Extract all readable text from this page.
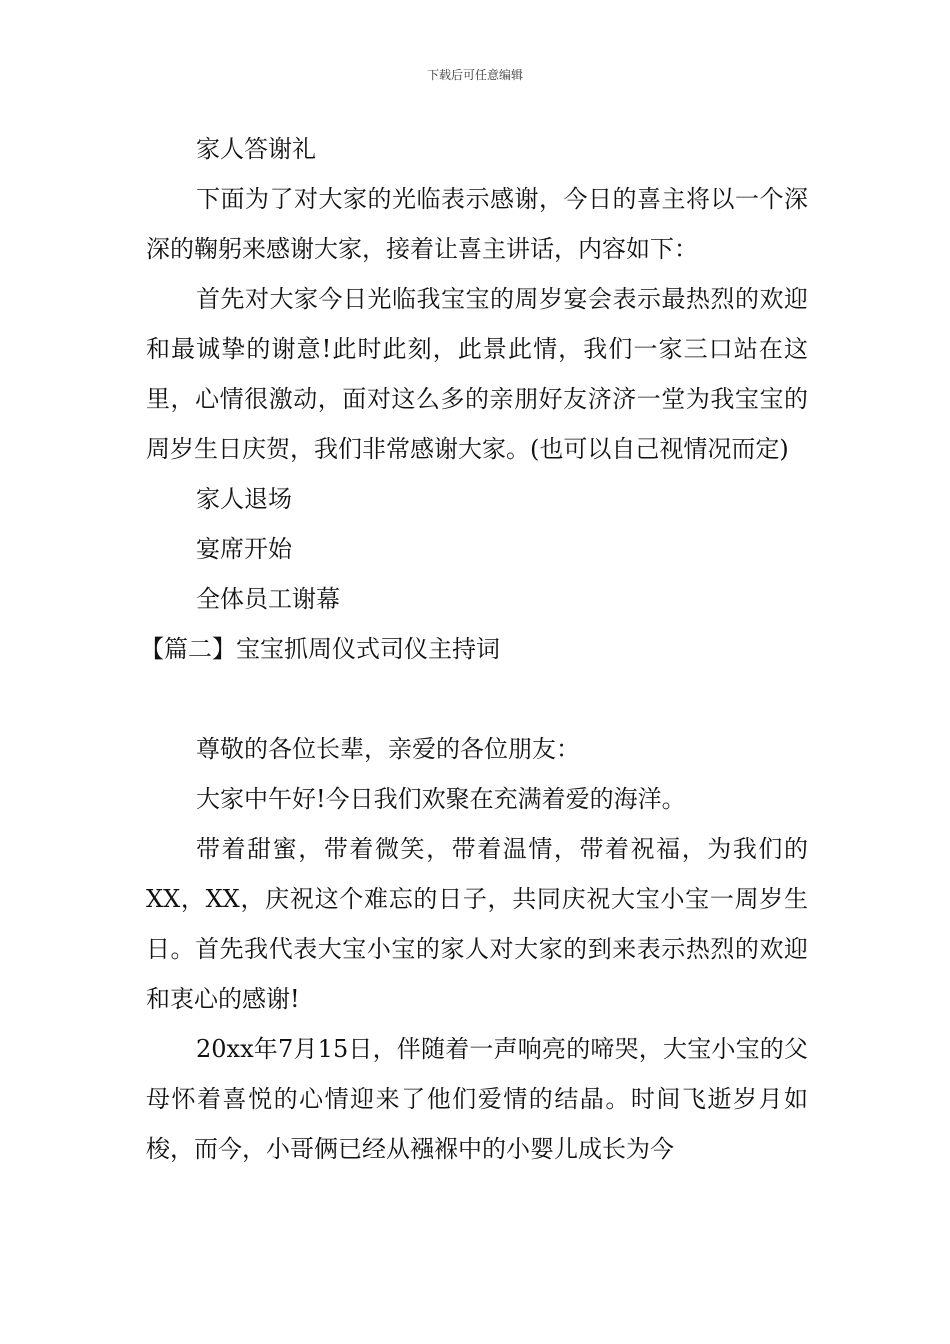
下载后可任意编辑

家人答谢礼

下面为了对大家的光临表示感谢，今日的喜主将以一个深深的鞠躬来感谢大家，接着让喜主讲话，内容如下：

首先对大家今日光临我宝宝的周岁宴会表示最热烈的欢迎和最诚挚的谢意!此时此刻，此景此情，我们一家三口站在这里，心情很激动，面对这么多的亲朋好友济济一堂为我宝宝的周岁生日庆贺，我们非常感谢大家。(也可以自己视情况而定)

家人退场

宴席开始

全体员工谢幕

【篇二】宝宝抓周仪式司仪主持词

尊敬的各位长辈，亲爱的各位朋友：

大家中午好!今日我们欢聚在充满着爱的海洋。

带着甜蜜，带着微笑，带着温情，带着祝福，为我们的XX，XX，庆祝这个难忘的日子，共同庆祝大宝小宝一周岁生日。首先我代表大宝小宝的家人对大家的到来表示热烈的欢迎和衷心的感谢!

20xx年7月15日，伴随着一声响亮的啼哭，大宝小宝的父母怀着喜悦的心情迎来了他们爱情的结晶。时间飞逝岁月如梭，而今，小哥俩已经从襁褓中的小婴儿成长为今
